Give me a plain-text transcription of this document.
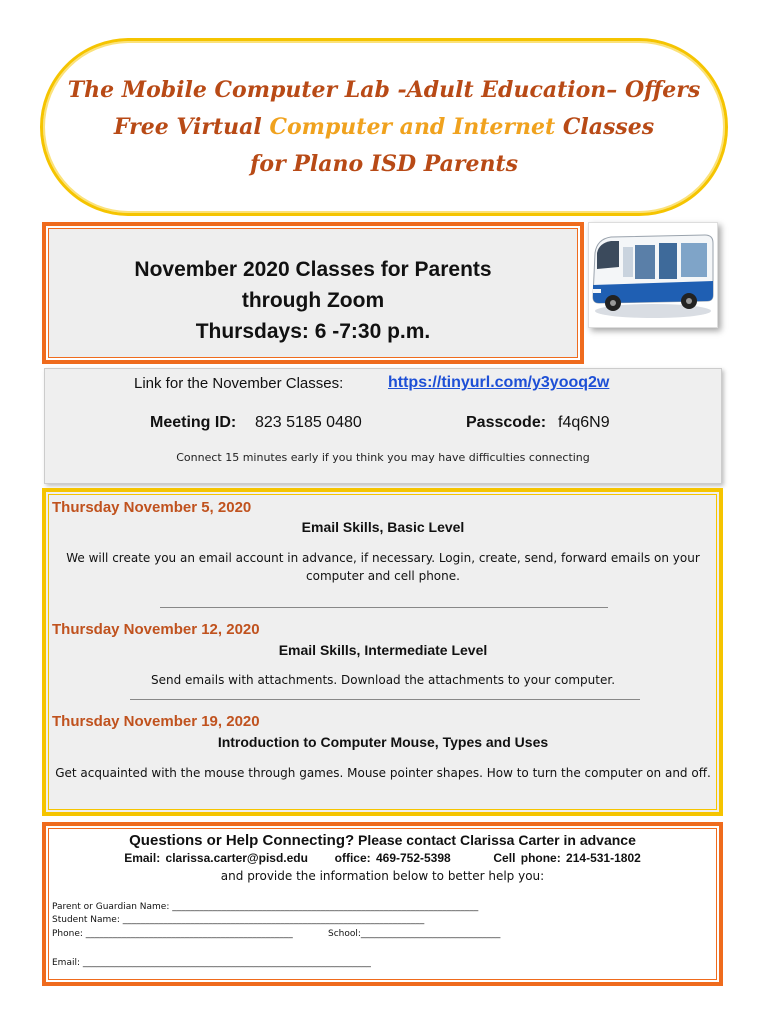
The Mobile Computer Lab -Adult Education– Offers
Free Virtual Computer and Internet Classes
for Plano ISD Parents
November 2020 Classes for Parents
through Zoom
Thursdays: 6 -7:30 p.m.
Link for the November Classes:	https://tinyurl.com/y3yooq2w
Meeting ID: 823 5185 0480	Passcode: f4q6N9
Connect 15 minutes early if you think you may have difficulties connecting
Thursday November 5, 2020
Email Skills, Basic Level
We will create you an email account in advance, if necessary. Login, create, send, forward emails on your
computer and cell phone.
Thursday November 12, 2020
Email Skills, Intermediate Level
Send emails with attachments. Download the attachments to your computer.
Thursday November 19, 2020
Introduction to Computer Mouse, Types and Uses
Get acquainted with the mouse through games. Mouse pointer shapes. How to turn the computer on and off.
Questions or Help Connecting? Please contact Clarissa Carter in advance
Email: clarissa.carter@pisd.edu office: 469-752-5398	Cell phone: 214-531-1802
and provide the information below to better help you:
Parent or Guardian Name: ____________________________________________________________________
Student Name: ___________________________________________________________________
Phone: ______________________________________________	School:_______________________________
Email: ________________________________________________________________
